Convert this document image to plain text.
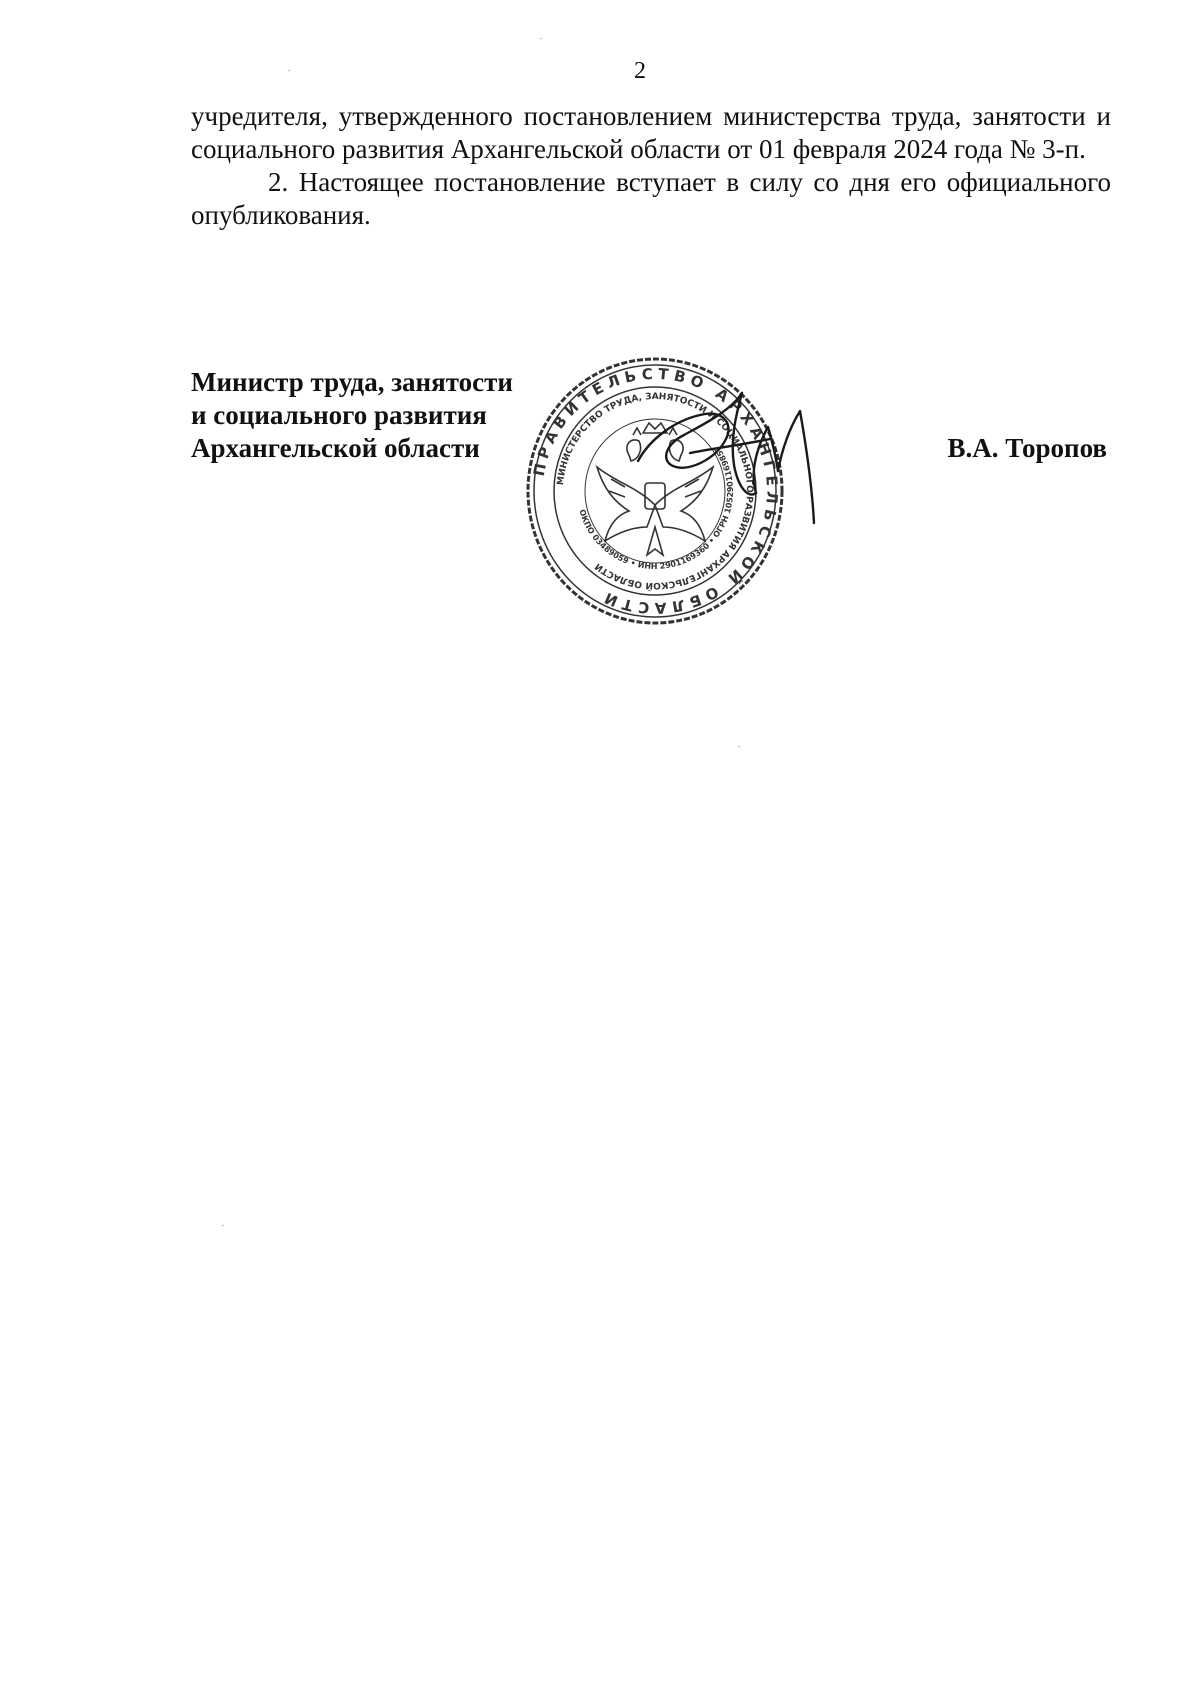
2

учредителя, утвержденного постановлением министерства труда, занятости и социального развития Архангельской области от 01 февраля 2024 года № 3-п.

2. Настоящее постановление вступает в силу со дня его официального опубликования.

Министр труда, занятости
и социального развития
Архангельской области	В.А. Торопов
ПРАВИТЕЛЬСТВО АРХАНГЕЛЬСКОЙ ОБЛАСТИ
МИНИСТЕРСТВО ТРУДА, ЗАНЯТОСТИ И СОЦИАЛЬНОГО РАЗВИТИЯ АРХАНГЕЛЬСКОЙ ОБЛАСТИ
ОКПО 03489059 • ИНН 2901169360 • ОГРН 1052901169857
